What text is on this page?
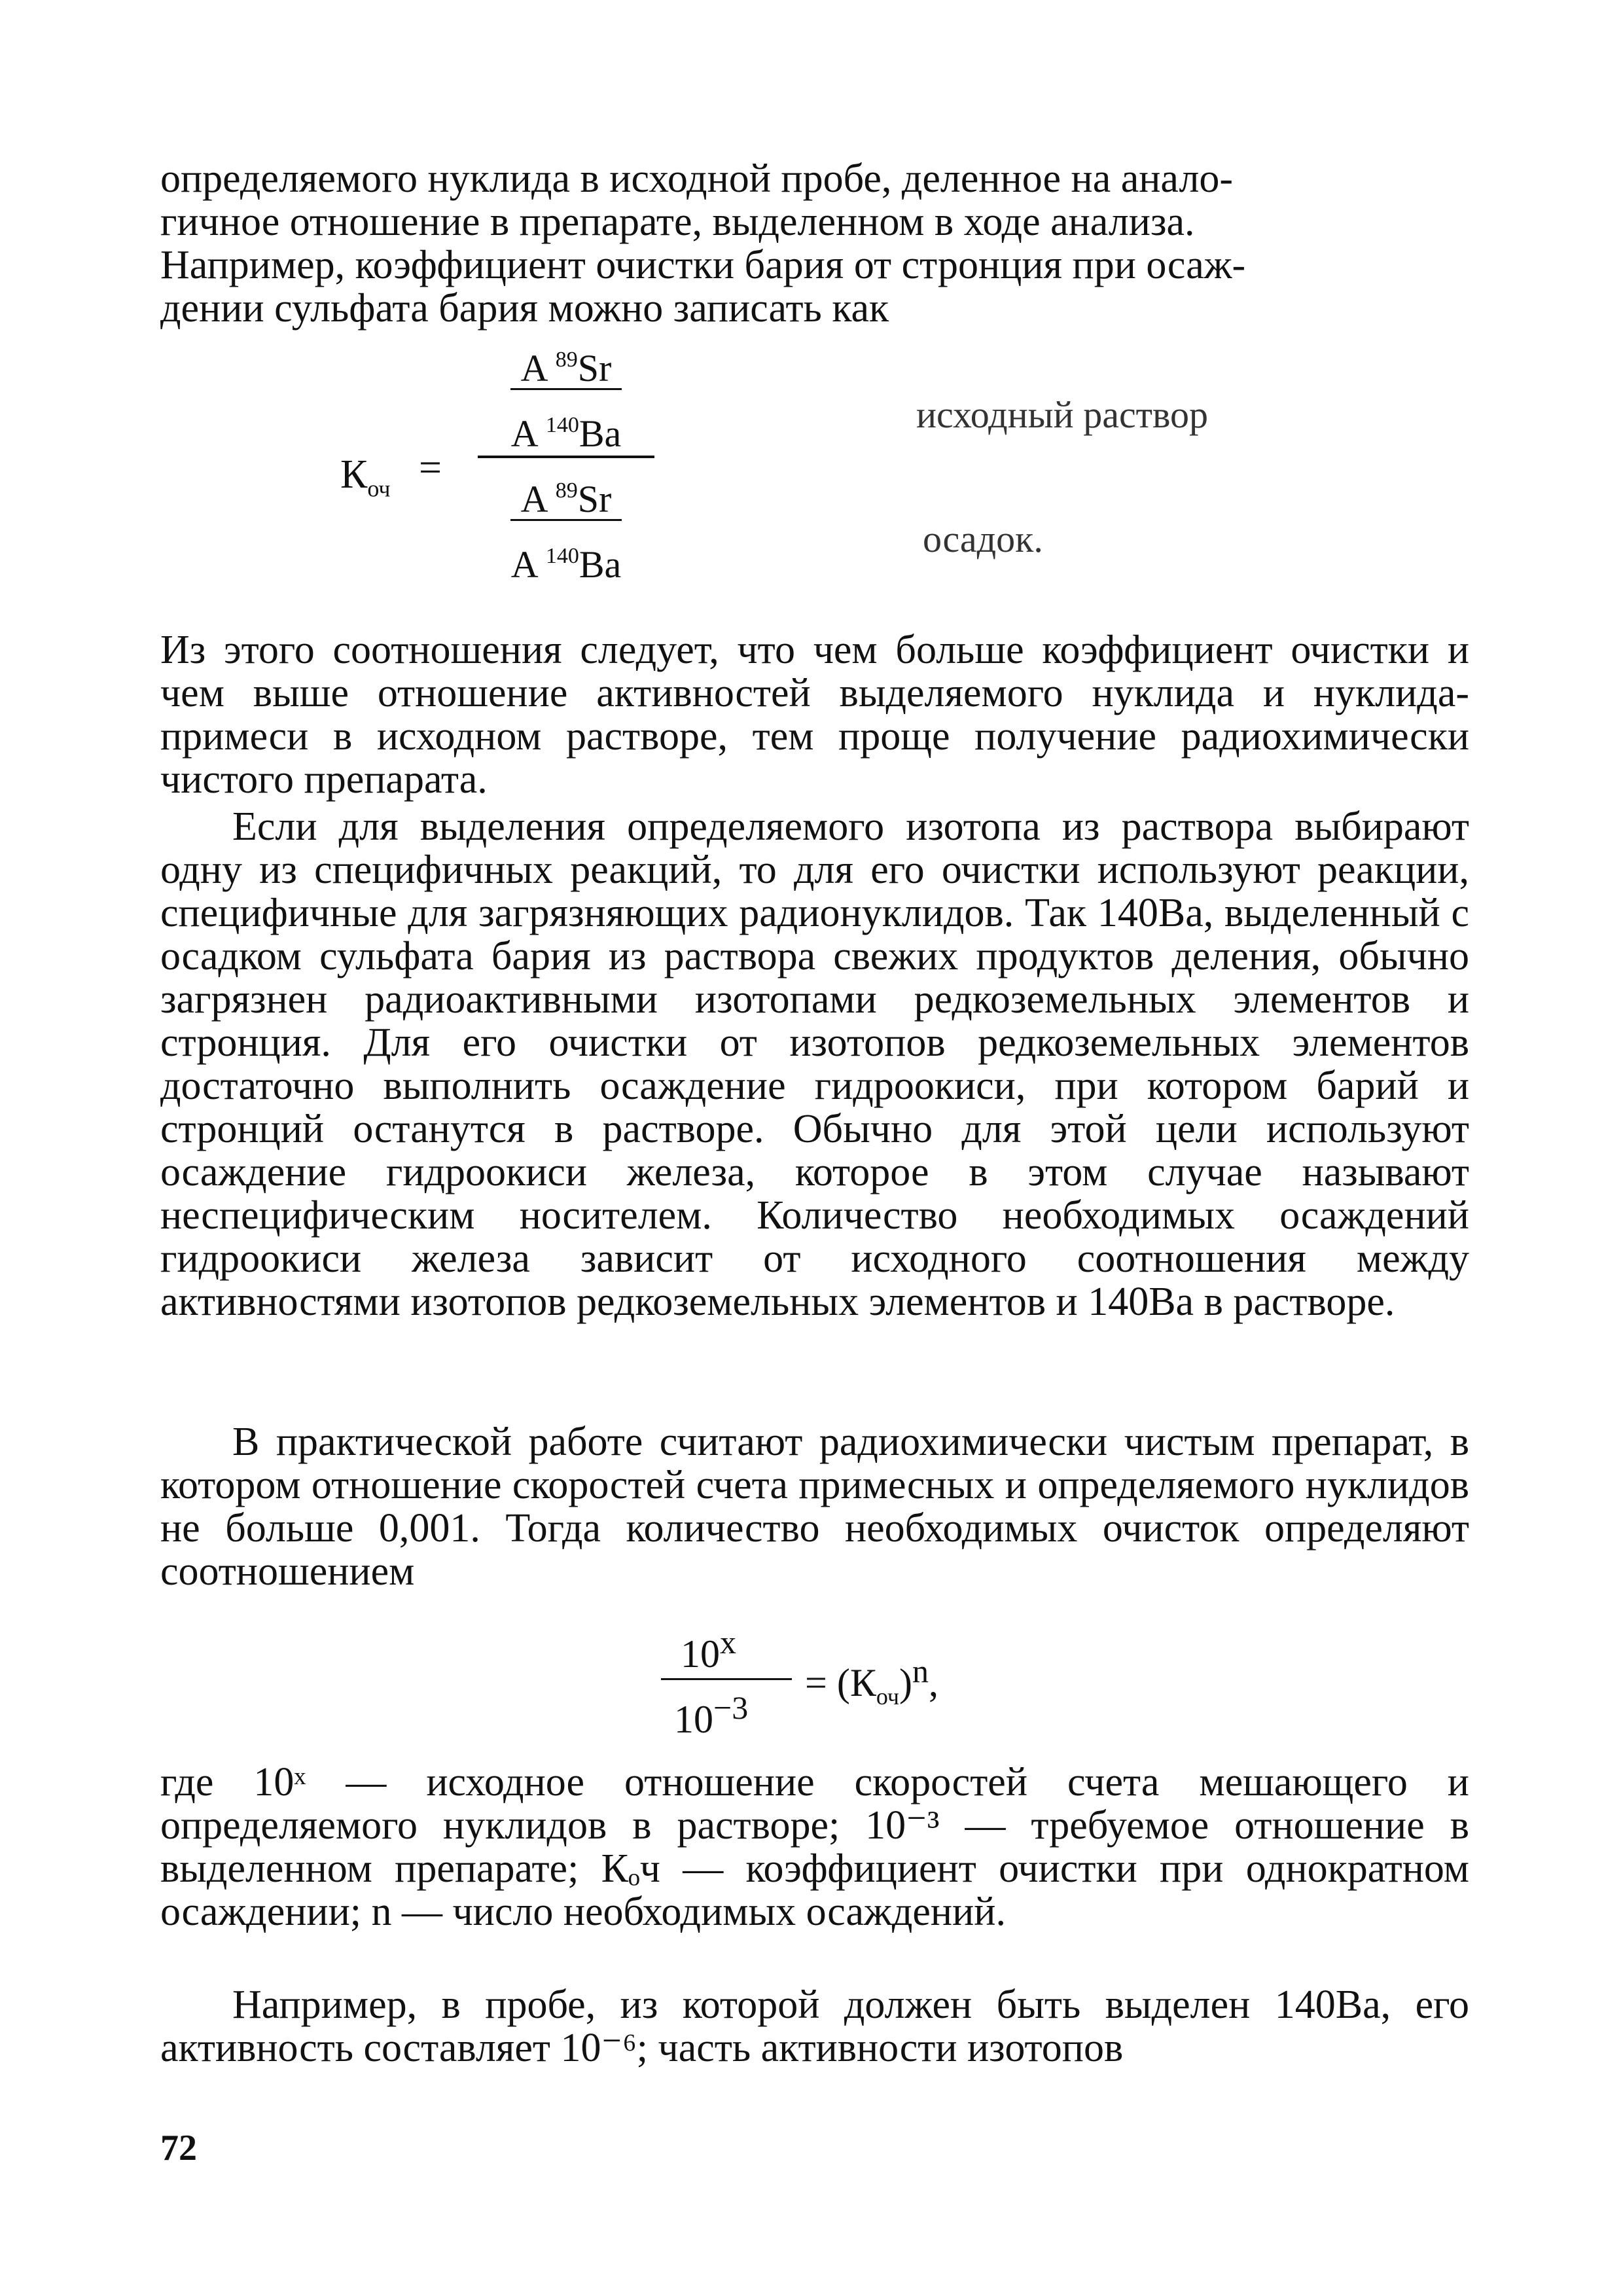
определяемого нуклида в исходной пробе, деленное на анало-
гичное отношение в препарате, выделенном в ходе анализа.
Например, коэффициент очистки бария от стронция при осаж-
дении сульфата бария можно записать как
$К_{оч}$ =
A $^{89}$Sr
A $^{140}$Ba
A $^{89}$Sr
A $^{140}$Ba
исходный раствор
осадок.

Из этого соотношения следует, что чем больше коэффициент очистки и чем выше отношение активностей выделяемого нуклида и нуклида-примеси в исходном растворе, тем проще получение радиохимически чистого препарата.

Если для выделения определяемого изотопа из раствора выбирают одну из специфичных реакций, то для его очистки используют реакции, специфичные для загрязняющих радионуклидов. Так 140Ba, выделенный с осадком сульфата бария из раствора свежих продуктов деления, обычно загрязнен радиоактивными изотопами редкоземельных элементов и стронция. Для его очистки от изотопов редкоземельных элементов достаточно выполнить осаждение гидроокиси, при котором барий и стронций останутся в растворе. Обычно для этой цели используют осаждение гидроокиси железа, которое в этом случае называют неспецифическим носителем. Количество необходимых осаждений гидроокиси железа зависит от исходного соотношения между активностями изотопов редкоземельных элементов и 140Ba в растворе.

В практической работе считают радиохимически чистым препарат, в котором отношение скоростей счета примесных и определяемого нуклидов не больше 0,001. Тогда количество необходимых очисток определяют соотношением

10$^x$
$10^{-3}$
= $(К_{оч})^n$,

где 10ˣ — исходное отношение скоростей счета мешающего и определяемого нуклидов в растворе; 10⁻³ — требуемое отношение в выделенном препарате; Кₒч — коэффициент очистки при однократном осаждении; n — число необходимых осаждений.

Например, в пробе, из которой должен быть выделен 140Ba, его активность составляет 10⁻⁶; часть активности изотопов

72
